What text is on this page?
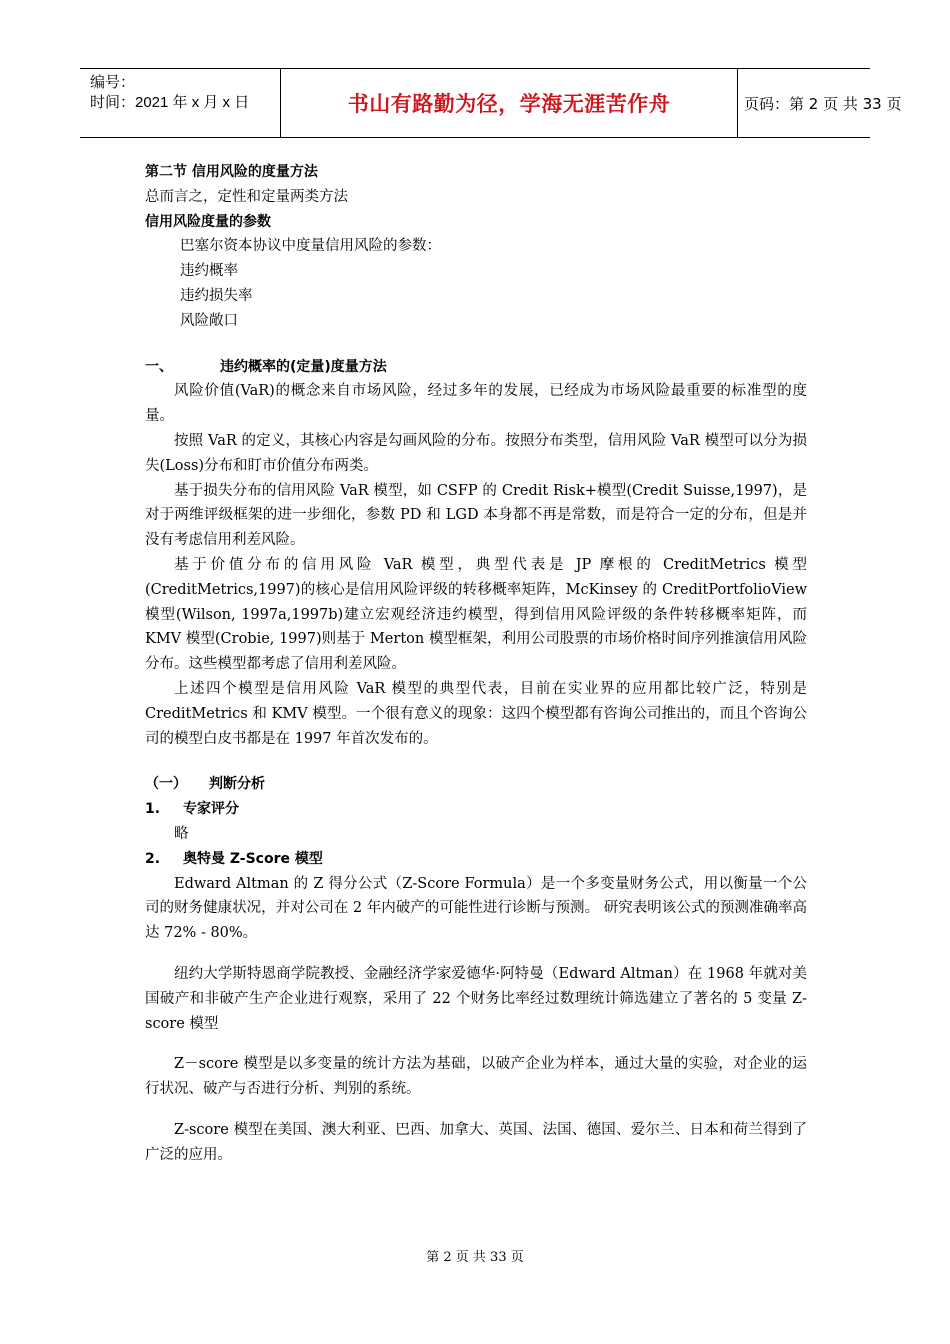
编号：
时间：2021 年 x 月 x 日	书山有路勤为径，学海无涯苦作舟	页码：第 2 页 共 33 页

第二节 信用风险的度量方法

总而言之，定性和定量两类方法

信用风险度量的参数

巴塞尔资本协议中度量信用风险的参数：

违约概率

违约损失率

风险敞口

一、	违约概率的(定量)度量方法

风险价值(VaR)的概念来自市场风险，经过多年的发展，已经成为市场风险最重要的标准型的度量。

按照 VaR 的定义，其核心内容是勾画风险的分布。按照分布类型，信用风险 VaR 模型可以分为损失(Loss)分布和盯市价值分布两类。

基于损失分布的信用风险 VaR 模型，如 CSFP 的 Credit Risk+模型(Credit Suisse,1997)，是对于两维评级框架的进一步细化，参数 PD 和 LGD 本身都不再是常数，而是符合一定的分布，但是并没有考虑信用利差风险。

基于价值分布的信用风险 VaR 模型，典型代表是 JP 摩根的 CreditMetrics 模型(CreditMetrics,1997)的核心是信用风险评级的转移概率矩阵，McKinsey 的 CreditPortfolioView 模型(Wilson, 1997a,1997b)建立宏观经济违约模型，得到信用风险评级的条件转移概率矩阵，而 KMV 模型(Crobie, 1997)则基于 Merton 模型框架，利用公司股票的市场价格时间序列推演信用风险分布。这些模型都考虑了信用利差风险。

上述四个模型是信用风险 VaR 模型的典型代表，目前在实业界的应用都比较广泛，特别是 CreditMetrics 和 KMV 模型。一个很有意义的现象：这四个模型都有咨询公司推出的，而且个咨询公司的模型白皮书都是在 1997 年首次发布的。

（一） 判断分析

1. 专家评分

略

2. 奥特曼 Z-Score 模型

Edward Altman 的 Z 得分公式（Z-Score Formula）是一个多变量财务公式，用以衡量一个公司的财务健康状况，并对公司在 2 年内破产的可能性进行诊断与预测。 研究表明该公式的预测准确率高达 72% - 80%。

纽约大学斯特恩商学院教授、金融经济学家爱德华·阿特曼（Edward Altman）在 1968 年就对美国破产和非破产生产企业进行观察，采用了 22 个财务比率经过数理统计筛选建立了著名的 5 变量 Z-score 模型

Z－score 模型是以多变量的统计方法为基础，以破产企业为样本，通过大量的实验，对企业的运行状况、破产与否进行分析、判别的系统。

Z-score 模型在美国、澳大利亚、巴西、加拿大、英国、法国、德国、爱尔兰、日本和荷兰得到了广泛的应用。

第 2 页 共 33 页
